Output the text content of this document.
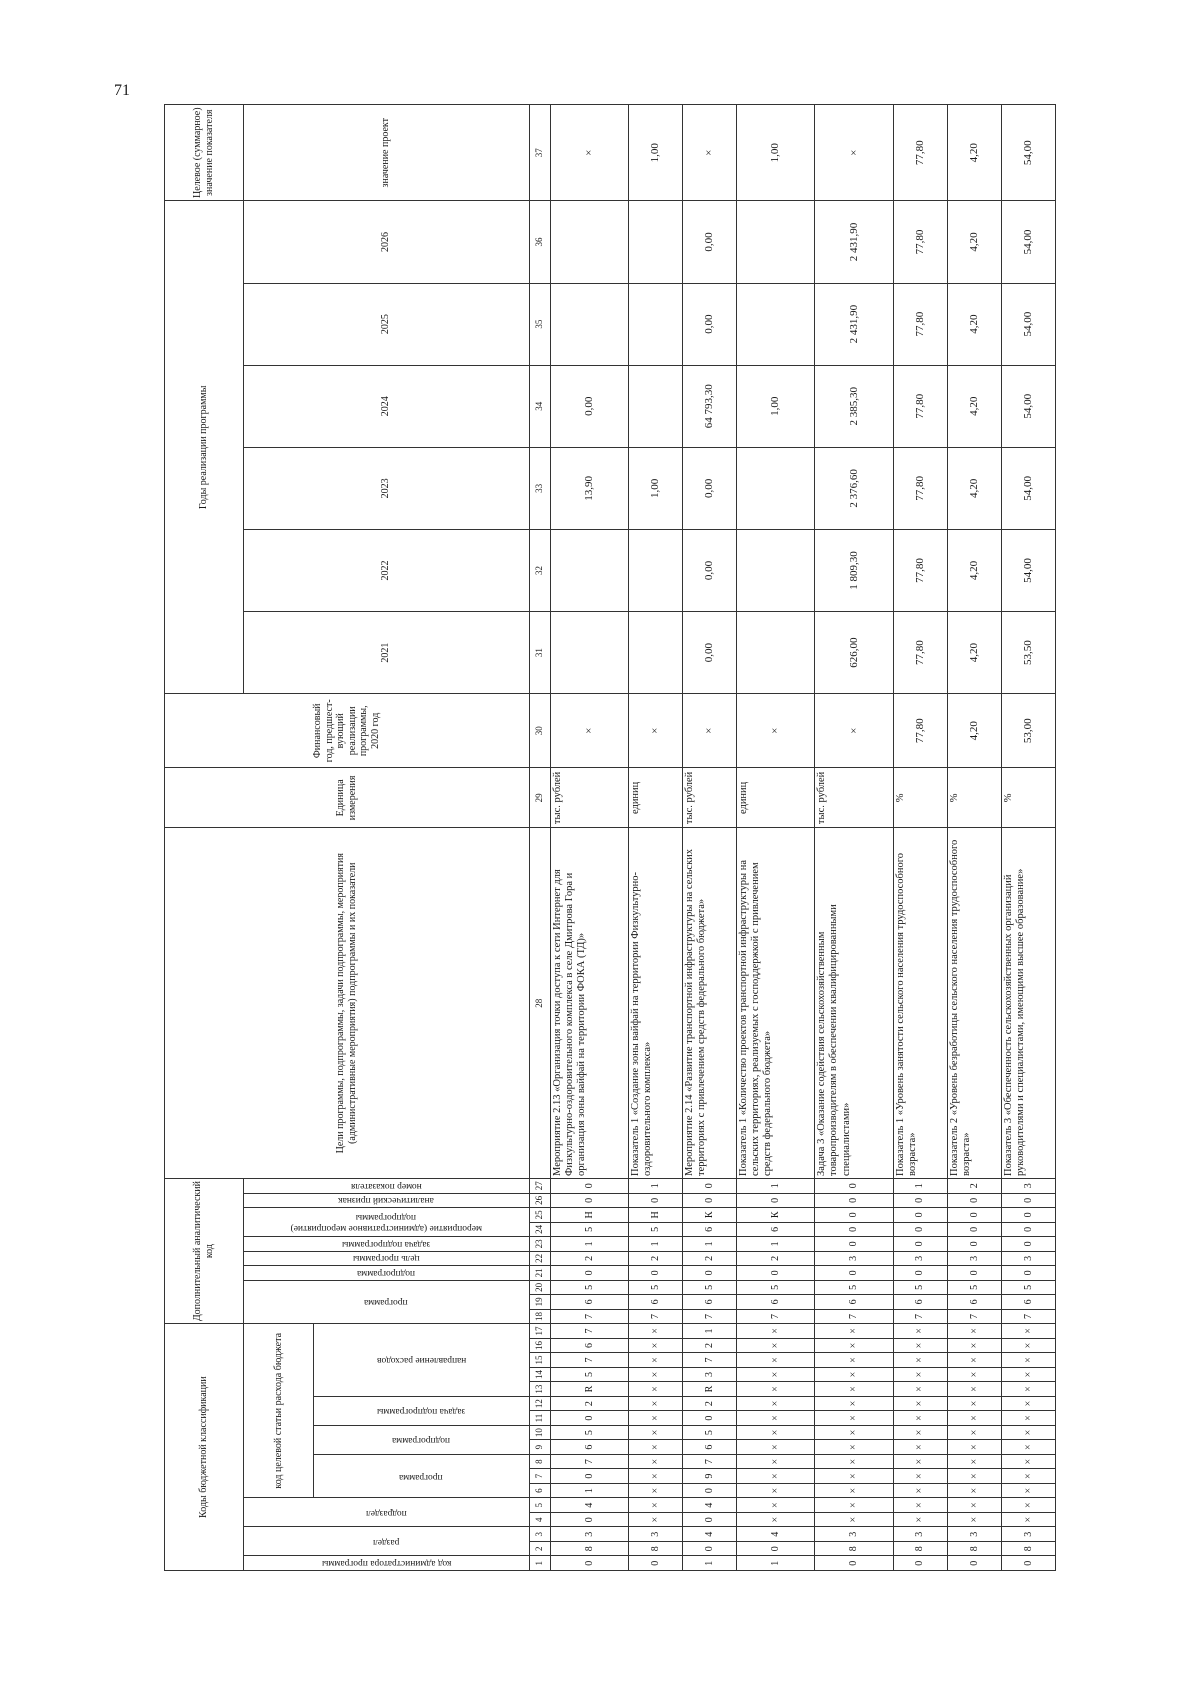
71
Коды бюджетной классификации																	Дополнительный аналитический код										Цели программы, подпрограммы, задачи подпрограммы, мероприятия (административные мероприятия) подпрограммы и их показатели	Единица измерения	Финансовый год, предшест-вующий реализации программы, 2020 год	Годы реализации программы						Целевое (суммарное) значение показателя

код администратора программы	раздел		подраздел		код целевой статьи расхода бюджета												программа			подпрограмма	цель программы	задача подпрограммы	мероприятие (административное мероприятие) подпрограммы		аналитический признак	номер показателя				2021	2022	2023	2024	2025	2026	значение проект

					программа			подпрограмма		задача подпрограммы		направление расходов																								

1	2	3	4	5	6	7	8	9	10	11	12	13	14	15	16	17	18	19	20	21	22	23	24	25	26	27	28	29	30	31	32	33	34	35	36	37
0	8	3	0	4	1	0	7	6	5	0	2	R	5	7	6	7	7	6	5	0	2	1	5	Н	0	0	Мероприятие 2.13 «Организация точки доступа к сети Интернет для Физкультурно-оздоровительного комплекса в селе Дмитрова Гора и организация зоны вайфай на территории ФОКА (ТД)»	тыс. рублей	×			13,90	0,00			×
0	8	3	×	×	×	×	×	×	×	×	×	×	×	×	×	×	7	6	5	0	2	1	5	Н	0	1	Показатель 1 «Создание зоны вайфай на территории Физкультурно-оздоровительного комплекса»	единиц	×			1,00				1,00
1	0	4	0	4	0	9	7	6	5	0	2	R	3	7	2	1	7	6	5	0	2	1	6	К	0	0	Мероприятие 2.14 «Развитие транспортной инфраструктуры на сельских территориях с привлечением средств федерального бюджета»	тыс. рублей	×	0,00	0,00	0,00	64 793,30	0,00	0,00	×
1	0	4	×	×	×	×	×	×	×	×	×	×	×	×	×	×	7	6	5	0	2	1	6	К	0	1	Показатель 1 «Количество проектов транспортной инфраструктуры на сельских территориях, реализуемых с господдержкой с привлечением средств федерального бюджета»	единиц	×				1,00			1,00
0	8	3	×	×	×	×	×	×	×	×	×	×	×	×	×	×	7	6	5	0	3	0	0	0	0	0	Задача 3 «Оказание содействия сельскохозяйственным товаропроизводителям в обеспечении квалифицированными специалистами»	тыс. рублей	×	626,00	1 809,30	2 376,60	2 385,30	2 431,90	2 431,90	×
0	8	3	×	×	×	×	×	×	×	×	×	×	×	×	×	×	7	6	5	0	3	0	0	0	0	1	Показатель 1 «Уровень занятости сельского населения трудоспособного возраста»	%	77,80	77,80	77,80	77,80	77,80	77,80	77,80	77,80
0	8	3	×	×	×	×	×	×	×	×	×	×	×	×	×	×	7	6	5	0	3	0	0	0	0	2	Показатель 2 «Уровень безработицы сельского населения трудоспособного возраста»	%	4,20	4,20	4,20	4,20	4,20	4,20	4,20	4,20
0	8	3	×	×	×	×	×	×	×	×	×	×	×	×	×	×	7	6	5	0	3	0	0	0	0	3	Показатель 3 «Обеспеченность сельскохозяйственных организаций руководителями и специалистами, имеющими высшее образование»	%	53,00	53,50	54,00	54,00	54,00	54,00	54,00	54,00
